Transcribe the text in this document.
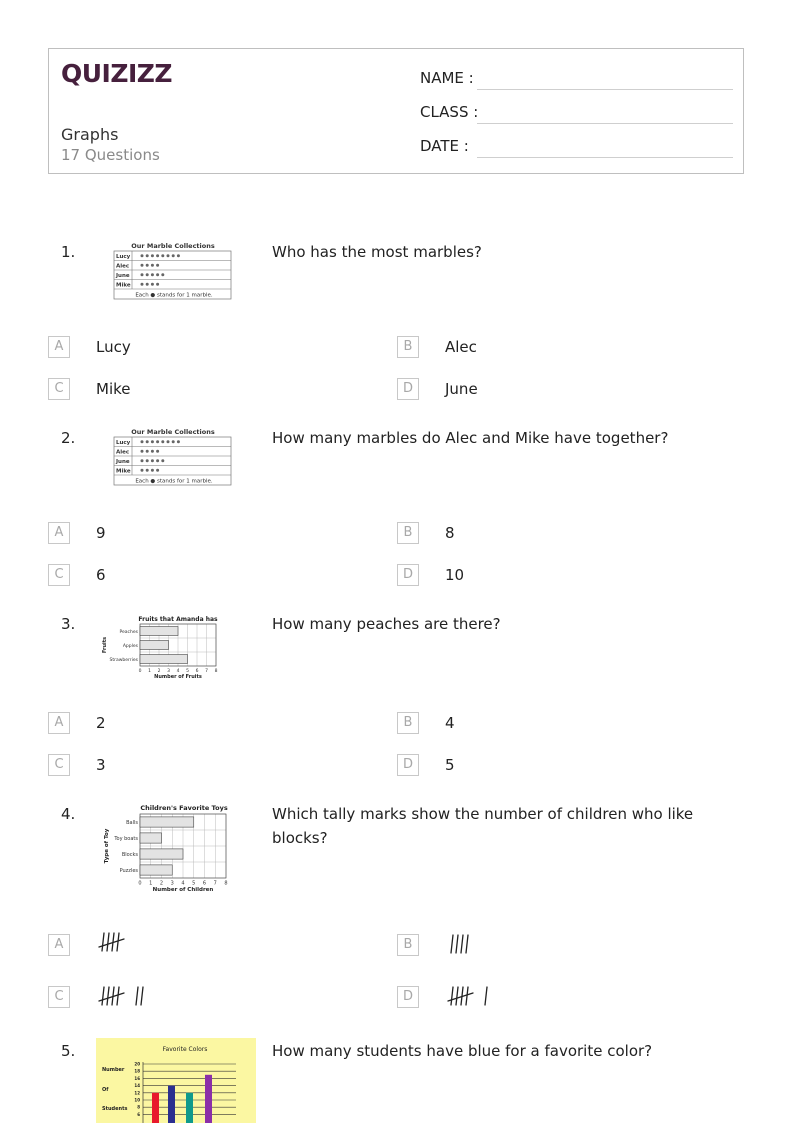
QUIZIZZ
Graphs
17 Questions
NAME :
CLASS :
DATE :
1.	Our Marble Collections
Lucy
Alec
June
Mike
Each ● stands for 1 marble.
Who has the most marbles?
A	Lucy	B	Alec
C	Mike	D	June
2.	Our Marble Collections
Lucy
Alec
June
Mike
Each ● stands for 1 marble.
How many marbles do Alec and Mike have together?
A	9	B	8
C	6	D	10
3.	Fruits that Amanda has
0 1 2 3 4 5 6 7 8
Peaches
Apples
Strawberries
Number of Fruits
Fruits
How many peaches are there?
A	2	B	4
C	3	D	5
4.	Children's Favorite Toys
0 1 2 3 4 5 6 7 8
Balls
Toy boats
Blocks
Puzzles
Number of Children
Type of Toy
Which tally marks show the number of children who like blocks?
A	B
C	D
5.	Favorite Colors
20
18
16
14
12
10
8
6
Number
Of
Students
How many students have blue for a favorite color?
